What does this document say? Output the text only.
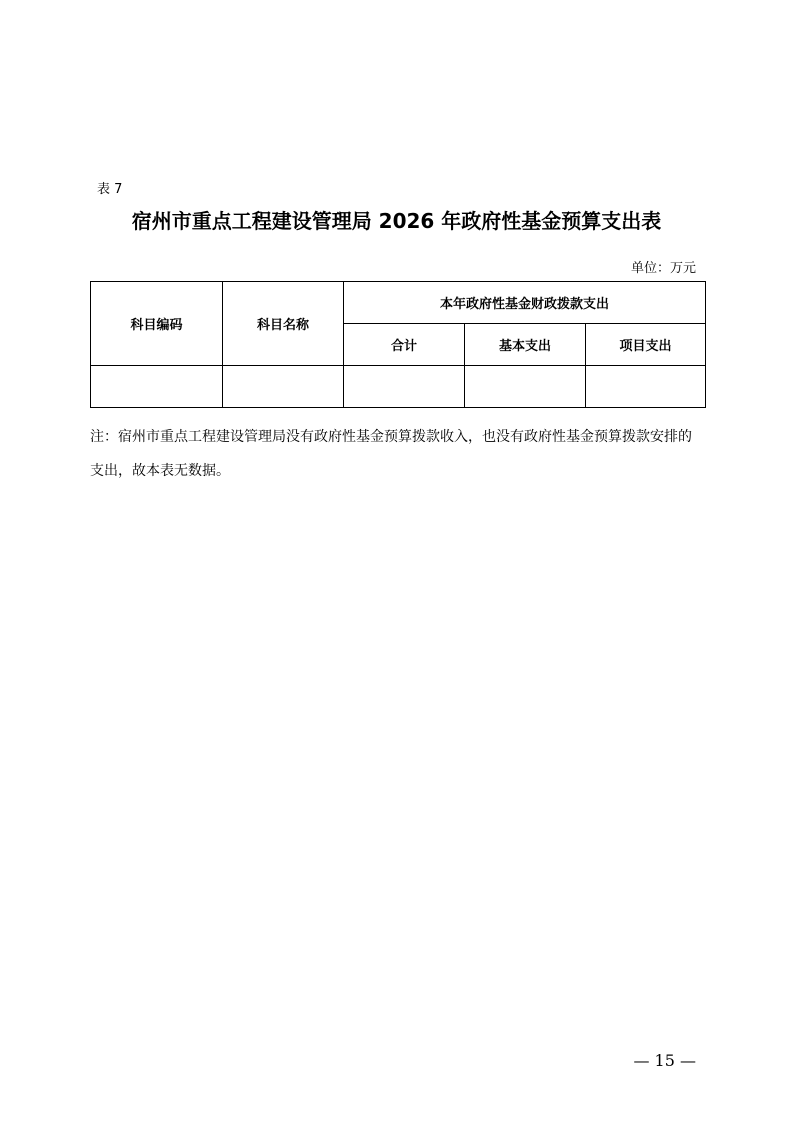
表 7
宿州市重点工程建设管理局 2026 年政府性基金预算支出表
单位：万元
科目编码	科目名称	本年政府性基金财政拨款支出		
		合计	基本支出	项目支出

注：宿州市重点工程建设管理局没有政府性基金预算拨款收入，也没有政府性基金预算拨款安排的支出，故本表无数据。
— 15 —
